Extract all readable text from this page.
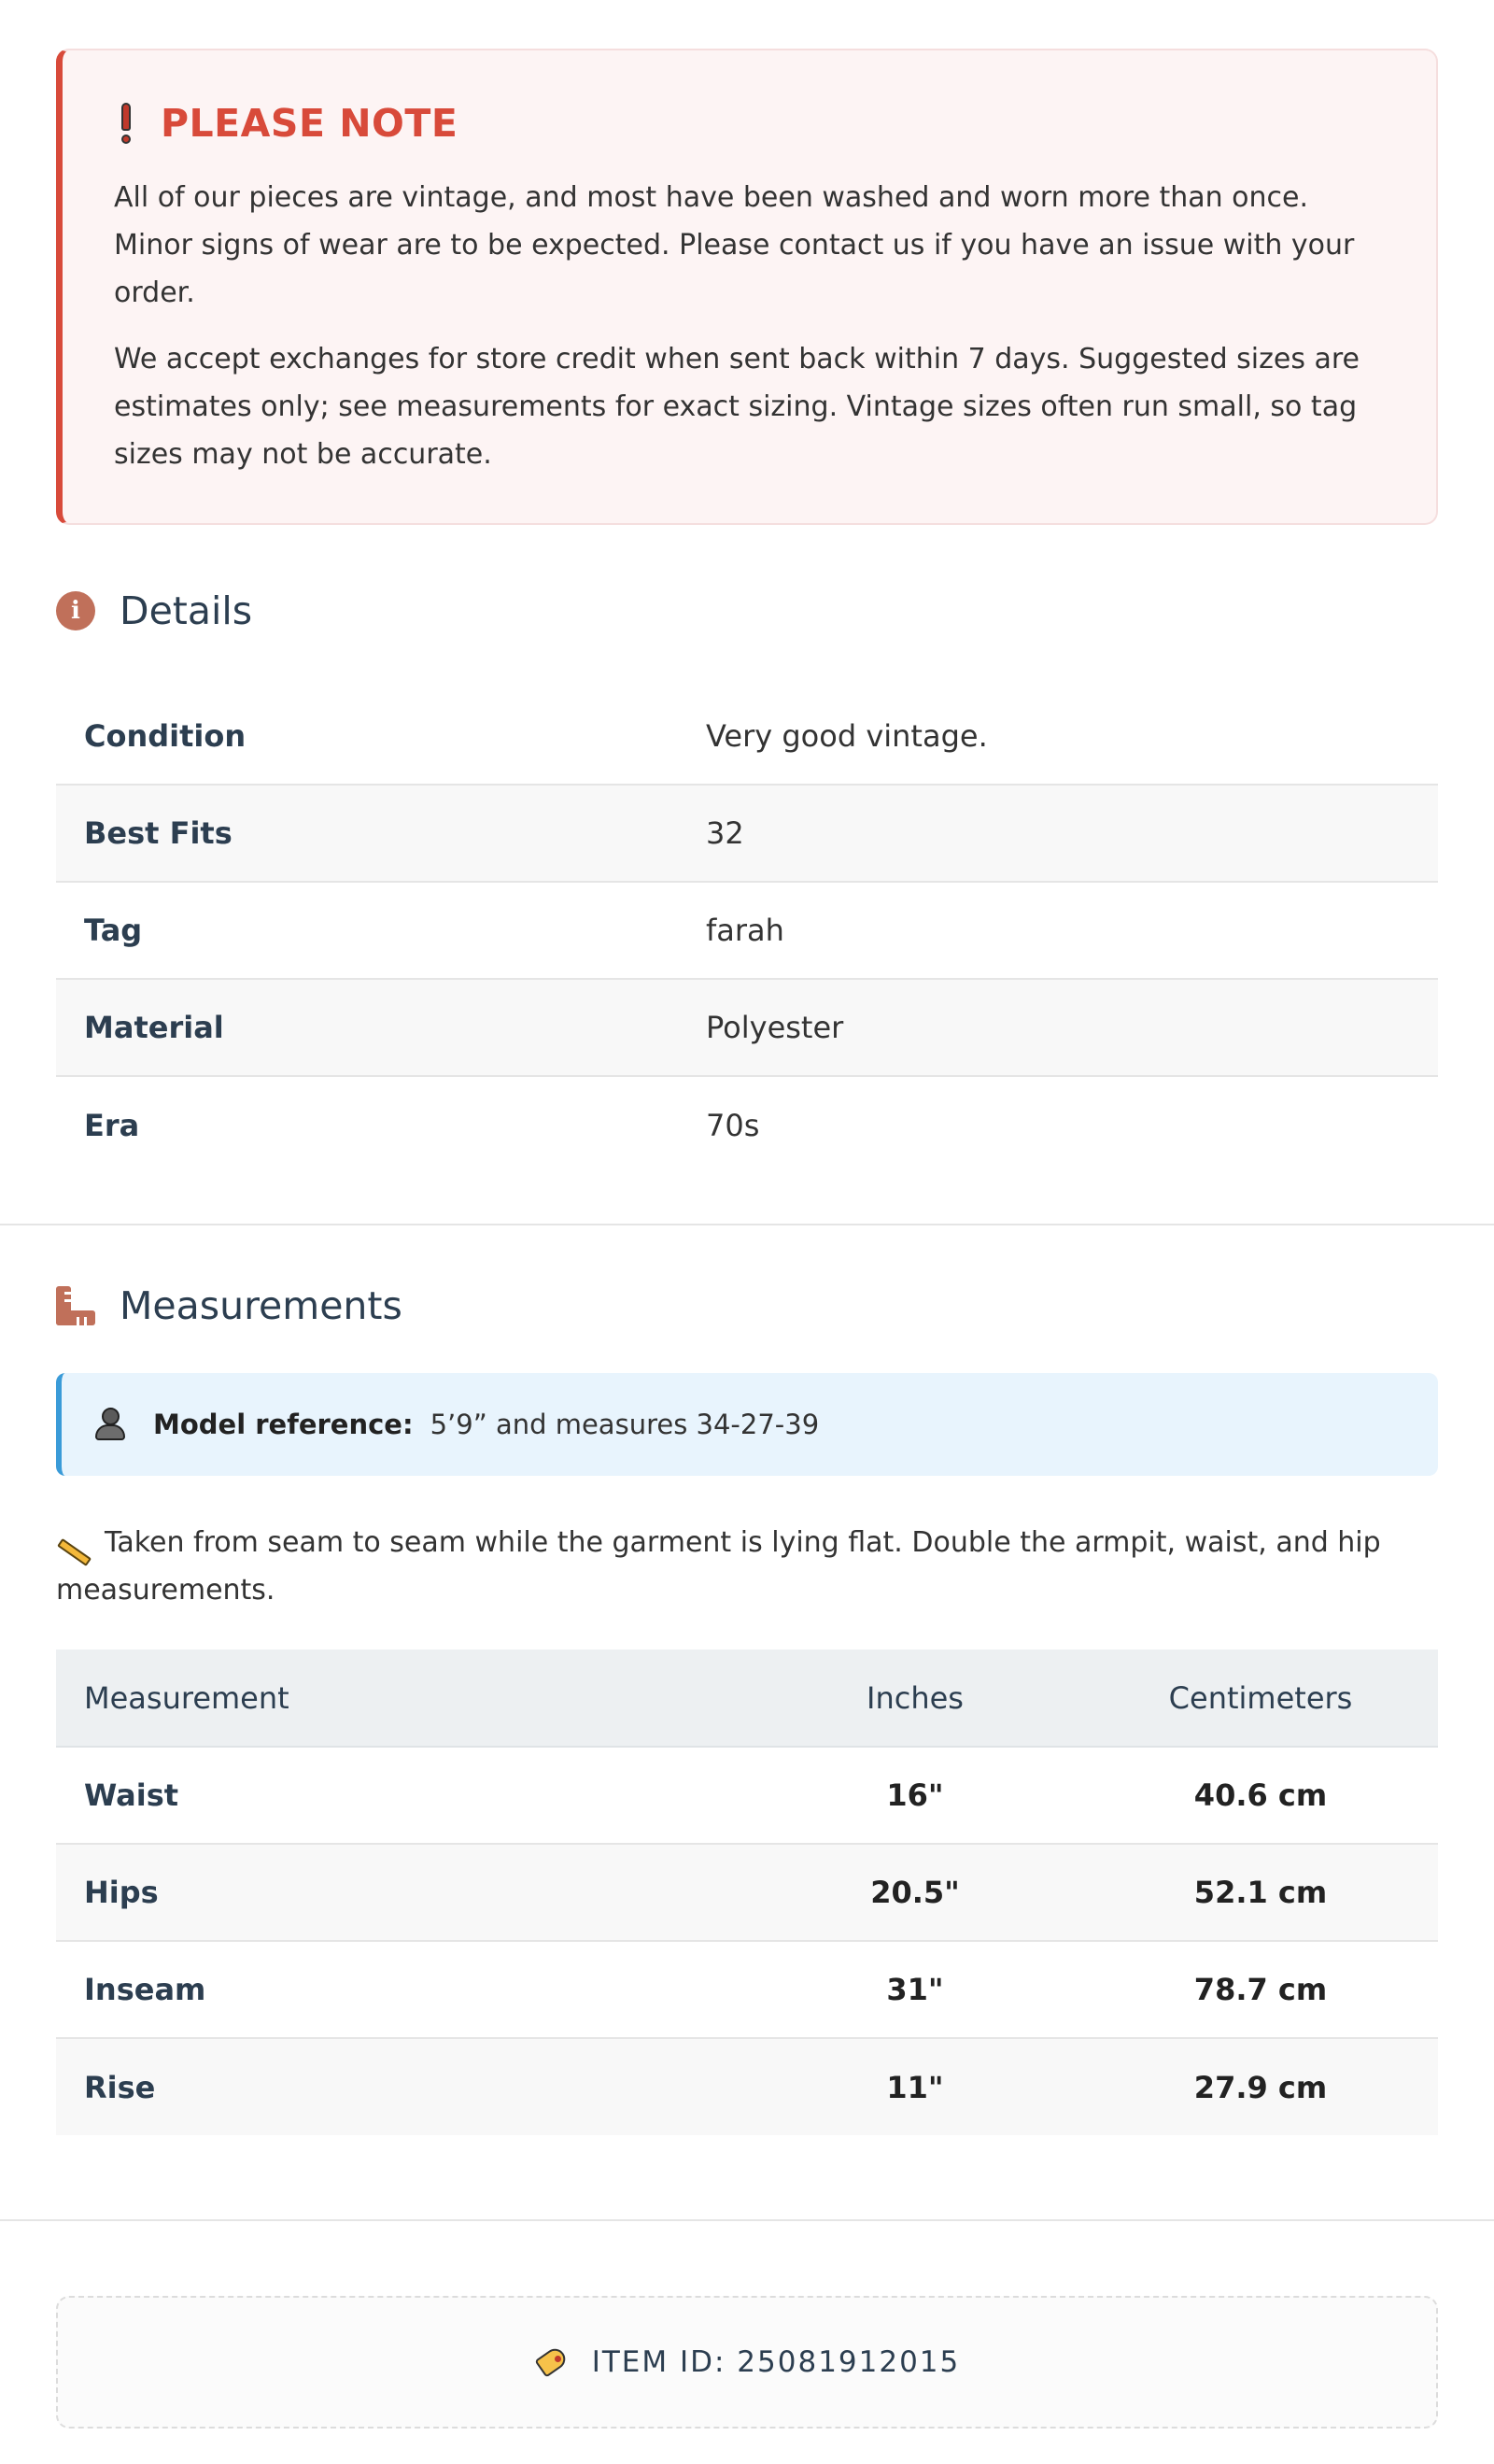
PLEASE NOTE

All of our pieces are vintage, and most have been washed and worn more than once. Minor signs of wear are to be expected. Please contact us if you have an issue with your order.

We accept exchanges for store credit when sent back within 7 days. Suggested sizes are estimates only; see measurements for exact sizing. Vintage sizes often run small, so tag sizes may not be accurate.

i	Details
Condition	Very good vintage.
Best Fits	32
Tag	farah
Material	Polyester
Era	70s
Measurements
Model reference: 5’9” and measures 34-27-39

Taken from seam to seam while the garment is lying flat. Double the armpit, waist, and hip measurements.

Measurement	Inches	Centimeters
Waist	16"	40.6 cm
Hips	20.5"	52.1 cm
Inseam	31"	78.7 cm
Rise	11"	27.9 cm
ITEM ID: 25081912015
